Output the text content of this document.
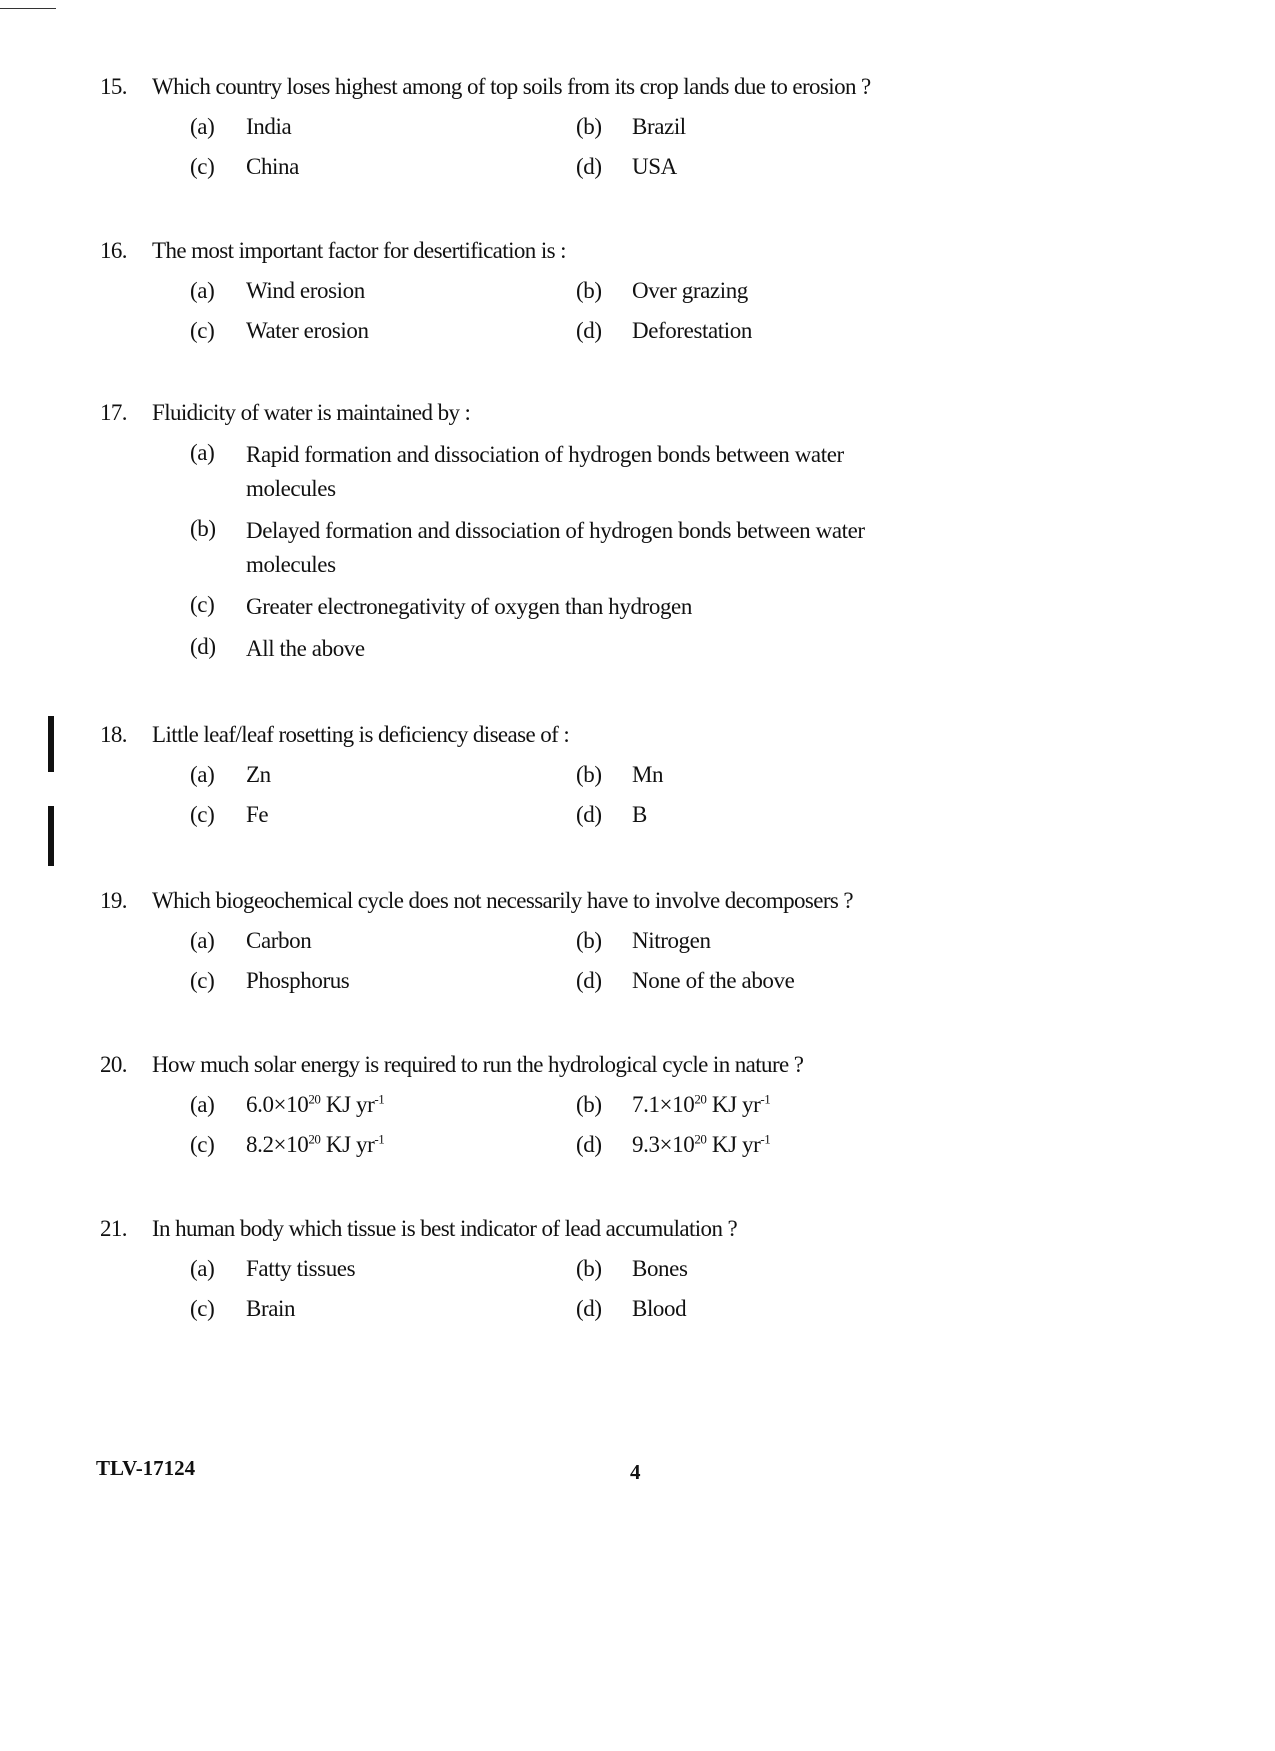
15.	Which country loses highest among of top soils from its crop lands due to erosion ?
(a)	India	(b)	Brazil
(c)	China	(d)	USA
16.	The most important factor for desertification is :
(a)	Wind erosion	(b)	Over grazing
(c)	Water erosion	(d)	Deforestation
17.	Fluidicity of water is maintained by :
(a)	Rapid formation and dissociation of hydrogen bonds between water molecules
(b)	Delayed formation and dissociation of hydrogen bonds between water molecules
(c)	Greater electronegativity of oxygen than hydrogen
(d)	All the above
18.	Little leaf/leaf rosetting is deficiency disease of :
(a)	Zn	(b)	Mn
(c)	Fe	(d)	B
19.	Which biogeochemical cycle does not necessarily have to involve decomposers ?
(a)	Carbon	(b)	Nitrogen
(c)	Phosphorus	(d)	None of the above
20.	How much solar energy is required to run the hydrological cycle in nature ?
(a)	$6.0\times 10^{20}$ KJ $yr^{-1}$	(b)	$7.1\times 10^{20}$ KJ $yr^{-1}$
(c)	$8.2\times 10^{20}$ KJ $yr^{-1}$	(d)	$9.3\times 10^{20}$ KJ $yr^{-1}$
21.	In human body which tissue is best indicator of lead accumulation ?
(a)	Fatty tissues	(b)	Bones
(c)	Brain	(d)	Blood
TLV-17124	4
